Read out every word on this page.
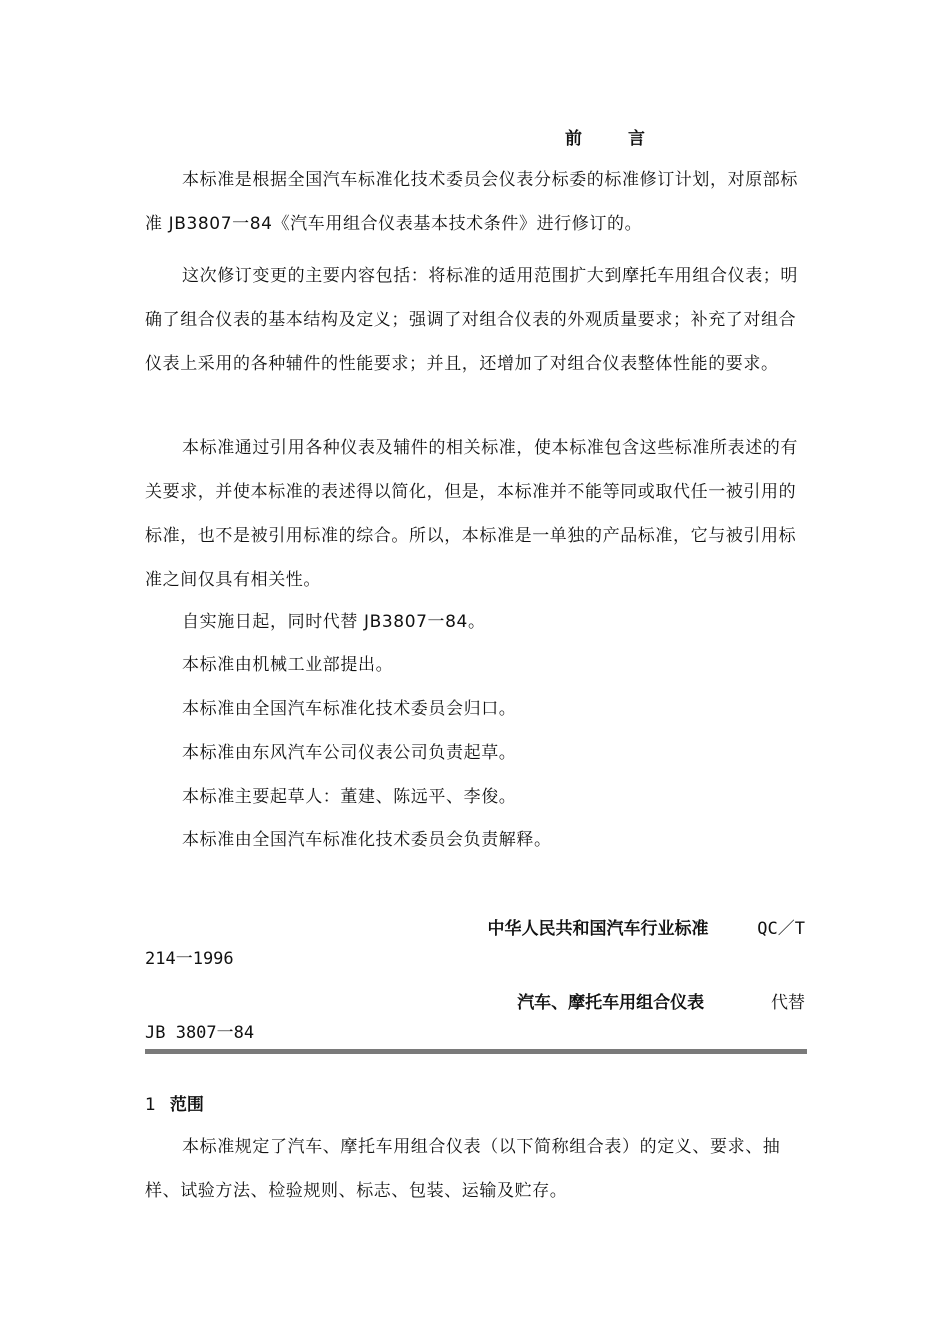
前 言

本标准是根据全国汽车标准化技术委员会仪表分标委的标准修订计划，对原部标准 JB3807一84《汽车用组合仪表基本技术条件》进行修订的。

这次修订变更的主要内容包括：将标准的适用范围扩大到摩托车用组合仪表；明确了组合仪表的基本结构及定义；强调了对组合仪表的外观质量要求；补充了对组合仪表上采用的各种辅件的性能要求；并且，还增加了对组合仪表整体性能的要求。

本标准通过引用各种仪表及辅件的相关标准，使本标准包含这些标准所表述的有关要求，并使本标准的表述得以简化，但是，本标准并不能等同或取代任一被引用的标准，也不是被引用标准的综合。所以，本标准是一单独的产品标准，它与被引用标准之间仅具有相关性。

自实施日起，同时代替 JB3807一84。

本标准由机械工业部提出。

本标准由全国汽车标准化技术委员会归口。

本标准由东风汽车公司仪表公司负责起草。

本标准主要起草人：董建、陈远平、李俊。

本标准由全国汽车标准化技术委员会负责解释。

中华人民共和国汽车行业标准	QC／T
214一1996
汽车、摩托车用组合仪表	代替
JB 3807一84
1 范围

本标准规定了汽车、摩托车用组合仪表（以下简称组合表）的定义、要求、抽样、试验方法、检验规则、标志、包装、运输及贮存。
